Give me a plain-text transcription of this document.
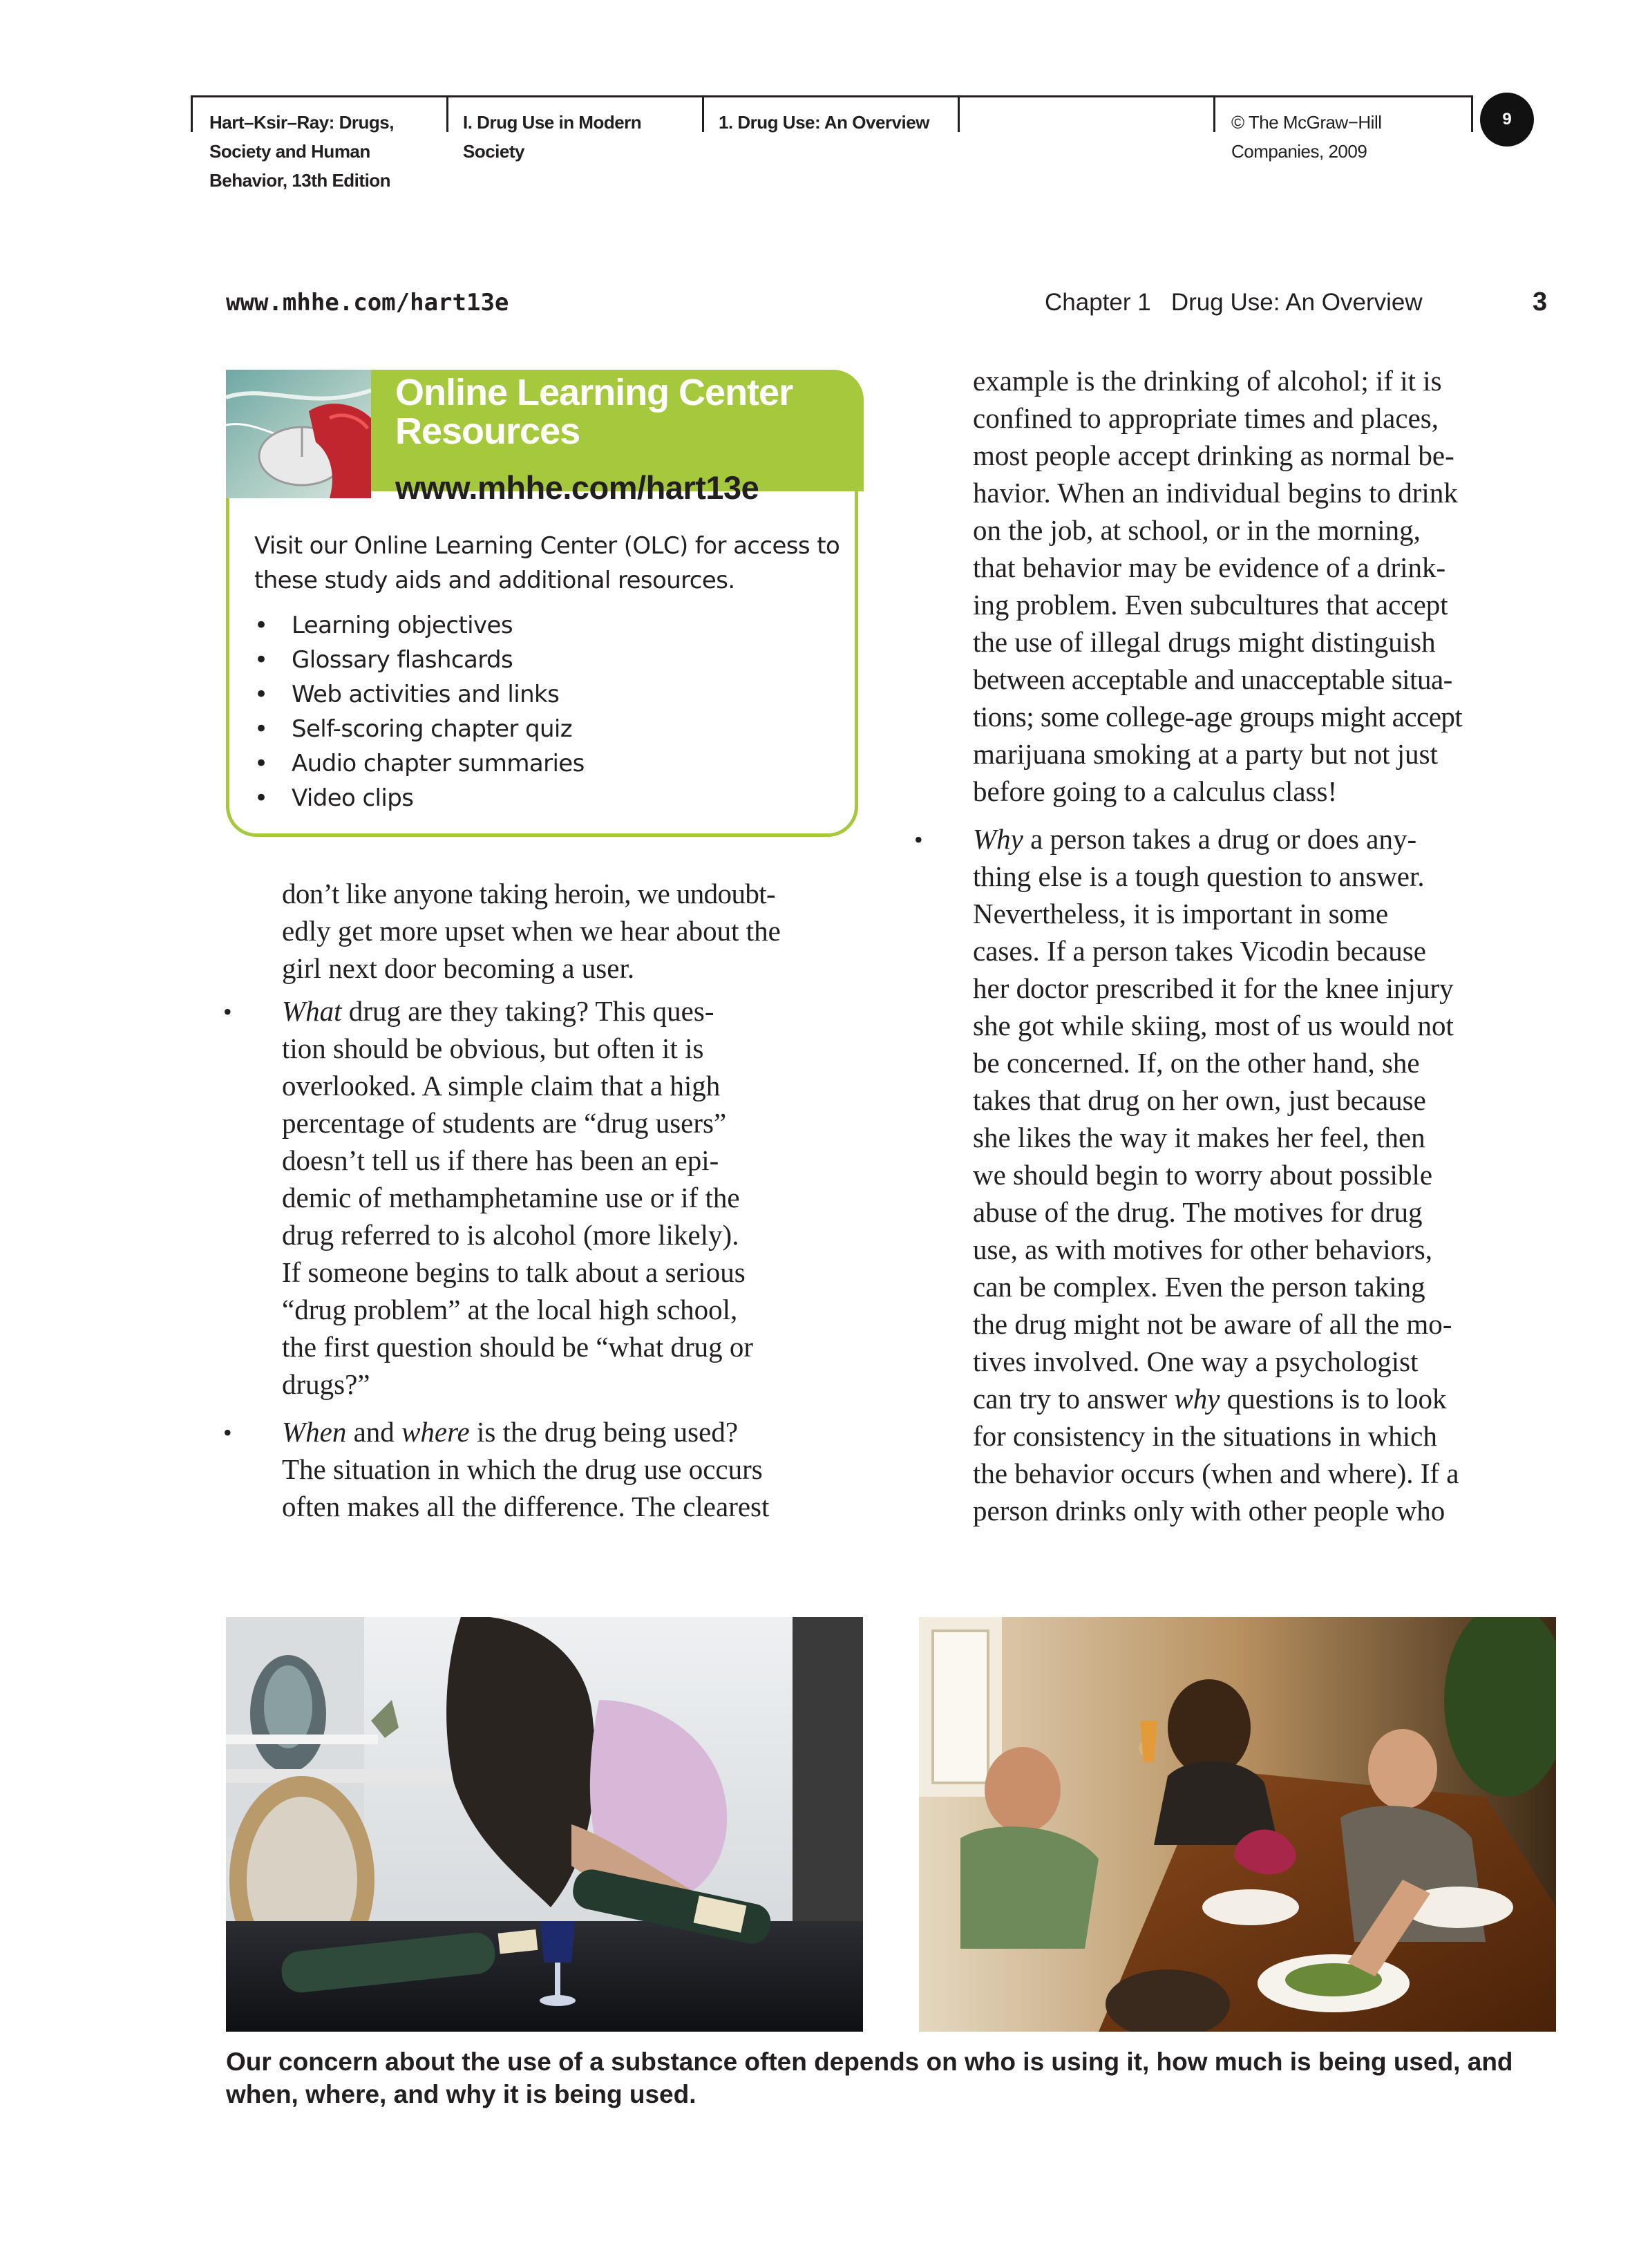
Hart–Ksir–Ray: Drugs,
Society and Human
Behavior, 13th Edition
I. Drug Use in Modern
Society
1. Drug Use: An Overview	© The McGraw−Hill
Companies, 2009
9
www.mhhe.com/hart13e	Chapter 1   Drug Use: An Overview	3
Online Learning Center Resources
www.mhhe.com/hart13e
Visit our Online Learning Center (OLC) for access to these study aids and additional resources.
• Learning objectives
• Glossary flashcards
• Web activities and links
• Self-scoring chapter quiz
• Audio chapter summaries
• Video clips
don’t like anyone taking heroin, we undoubt-
edly get more upset when we hear about the
girl next door becoming a user.
• What drug are they taking? This ques-
tion should be obvious, but often it is
overlooked. A simple claim that a high
percentage of students are “drug users”
doesn’t tell us if there has been an epi-
demic of methamphetamine use or if the
drug referred to is alcohol (more likely).
If someone begins to talk about a serious
“drug problem” at the local high school,
the first question should be “what drug or
drugs?”
• When and where is the drug being used?
The situation in which the drug use occurs
often makes all the difference. The clearest
example is the drinking of alcohol; if it is
confined to appropriate times and places,
most people accept drinking as normal be-
havior. When an individual begins to drink
on the job, at school, or in the morning,
that behavior may be evidence of a drink-
ing problem. Even subcultures that accept
the use of illegal drugs might distinguish
between acceptable and unacceptable situa-
tions; some college-age groups might accept
marijuana smoking at a party but not just
before going to a calculus class!
• Why a person takes a drug or does any-
thing else is a tough question to answer.
Nevertheless, it is important in some
cases. If a person takes Vicodin because
her doctor prescribed it for the knee injury
she got while skiing, most of us would not
be concerned. If, on the other hand, she
takes that drug on her own, just because
she likes the way it makes her feel, then
we should begin to worry about possible
abuse of the drug. The motives for drug
use, as with motives for other behaviors,
can be complex. Even the person taking
the drug might not be aware of all the mo-
tives involved. One way a psychologist
can try to answer why questions is to look
for consistency in the situations in which
the behavior occurs (when and where). If a
person drinks only with other people who
Our concern about the use of a substance often depends on who is using it, how much is being used, and when, where, and why it is being used.
